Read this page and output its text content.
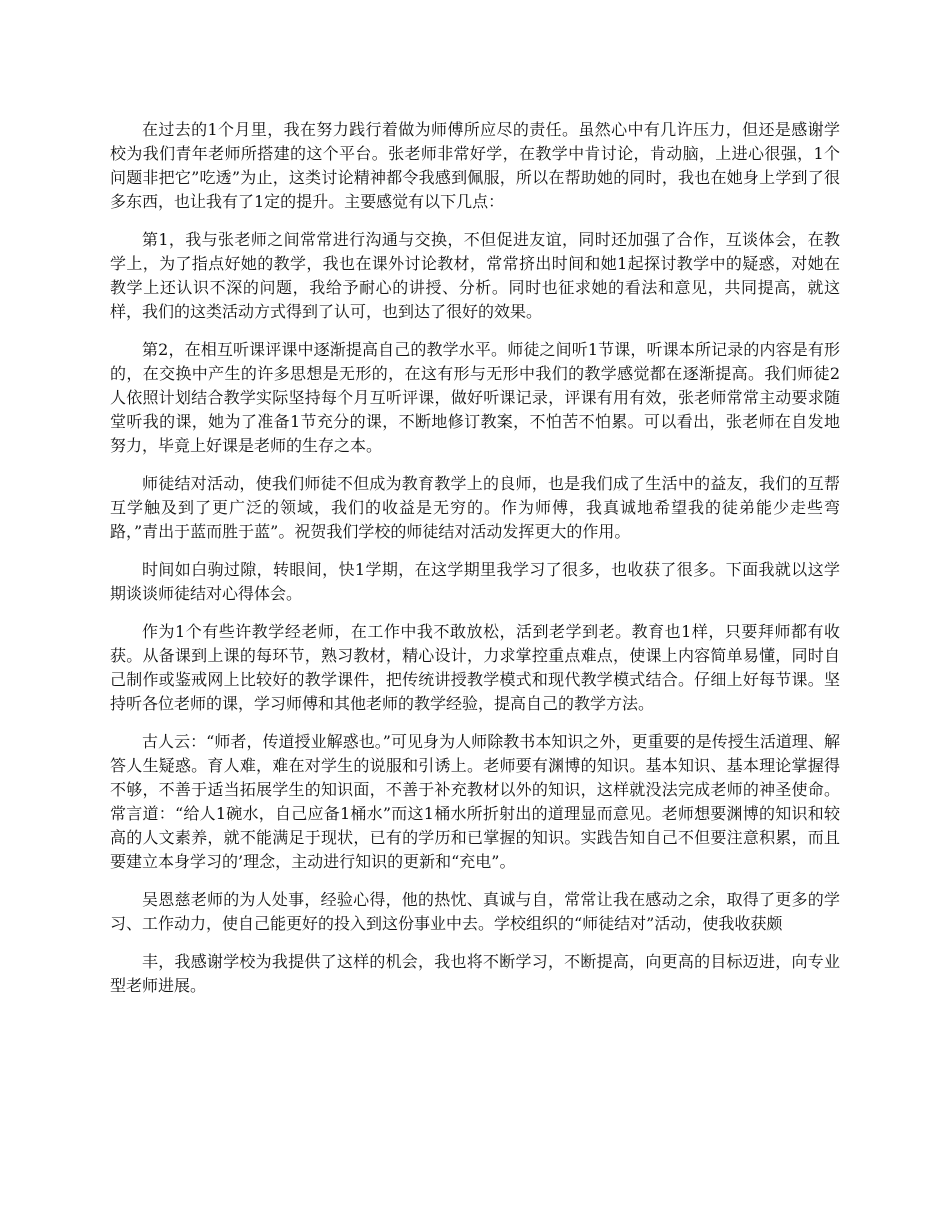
在过去的1个月里，我在努力践行着做为师傅所应尽的责任。虽然心中有几许压力，但还是感谢学校为我们青年老师所搭建的这个平台。张老师非常好学，在教学中肯讨论，肯动脑，上进心很强，1个问题非把它”吃透”为止，这类讨论精神都令我感到佩服，所以在帮助她的同时，我也在她身上学到了很多东西，也让我有了1定的提升。主要感觉有以下几点：

第1，我与张老师之间常常进行沟通与交换，不但促进友谊，同时还加强了合作，互谈体会，在教学上，为了指点好她的教学，我也在课外讨论教材，常常挤出时间和她1起探讨教学中的疑惑，对她在教学上还认识不深的问题，我给予耐心的讲授、分析。同时也征求她的看法和意见，共同提高，就这样，我们的这类活动方式得到了认可，也到达了很好的效果。

第2，在相互听课评课中逐渐提高自己的教学水平。师徒之间听1节课，听课本所记录的内容是有形的，在交换中产生的许多思想是无形的，在这有形与无形中我们的教学感觉都在逐渐提高。我们师徒2人依照计划结合教学实际坚持每个月互听评课，做好听课记录，评课有用有效，张老师常常主动要求随堂听我的课，她为了准备1节充分的课，不断地修订教案，不怕苦不怕累。可以看出，张老师在自发地努力，毕竟上好课是老师的生存之本。

师徒结对活动，使我们师徒不但成为教育教学上的良师，也是我们成了生活中的益友，我们的互帮互学触及到了更广泛的领域，我们的收益是无穷的。作为师傅，我真诚地希望我的徒弟能少走些弯路，”青出于蓝而胜于蓝”。祝贺我们学校的师徒结对活动发挥更大的作用。

时间如白驹过隙，转眼间，快1学期，在这学期里我学习了很多，也收获了很多。下面我就以这学期谈谈师徒结对心得体会。

作为1个有些许教学经老师，在工作中我不敢放松，活到老学到老。教育也1样，只要拜师都有收获。从备课到上课的每环节，熟习教材，精心设计，力求掌控重点难点，使课上内容简单易懂，同时自己制作或鉴戒网上比较好的教学课件，把传统讲授教学模式和现代教学模式结合。仔细上好每节课。坚持听各位老师的课，学习师傅和其他老师的教学经验，提高自己的教学方法。

古人云：“师者，传道授业解惑也。”可见身为人师除教书本知识之外，更重要的是传授生活道理、解答人生疑惑。育人难，难在对学生的说服和引诱上。老师要有渊博的知识。基本知识、基本理论掌握得不够，不善于适当拓展学生的知识面，不善于补充教材以外的知识，这样就没法完成老师的神圣使命。常言道：“给人1碗水，自己应备1桶水”而这1桶水所折射出的道理显而意见。老师想要渊博的知识和较高的人文素养，就不能满足于现状，已有的学历和已掌握的知识。实践告知自己不但要注意积累，而且要建立本身学习的’理念，主动进行知识的更新和“充电”。

吴恩慈老师的为人处事，经验心得，他的热忱、真诚与自，常常让我在感动之余，取得了更多的学习、工作动力，使自己能更好的投入到这份事业中去。学校组织的“师徒结对”活动，使我收获颇

丰，我感谢学校为我提供了这样的机会，我也将不断学习，不断提高，向更高的目标迈进，向专业型老师进展。
